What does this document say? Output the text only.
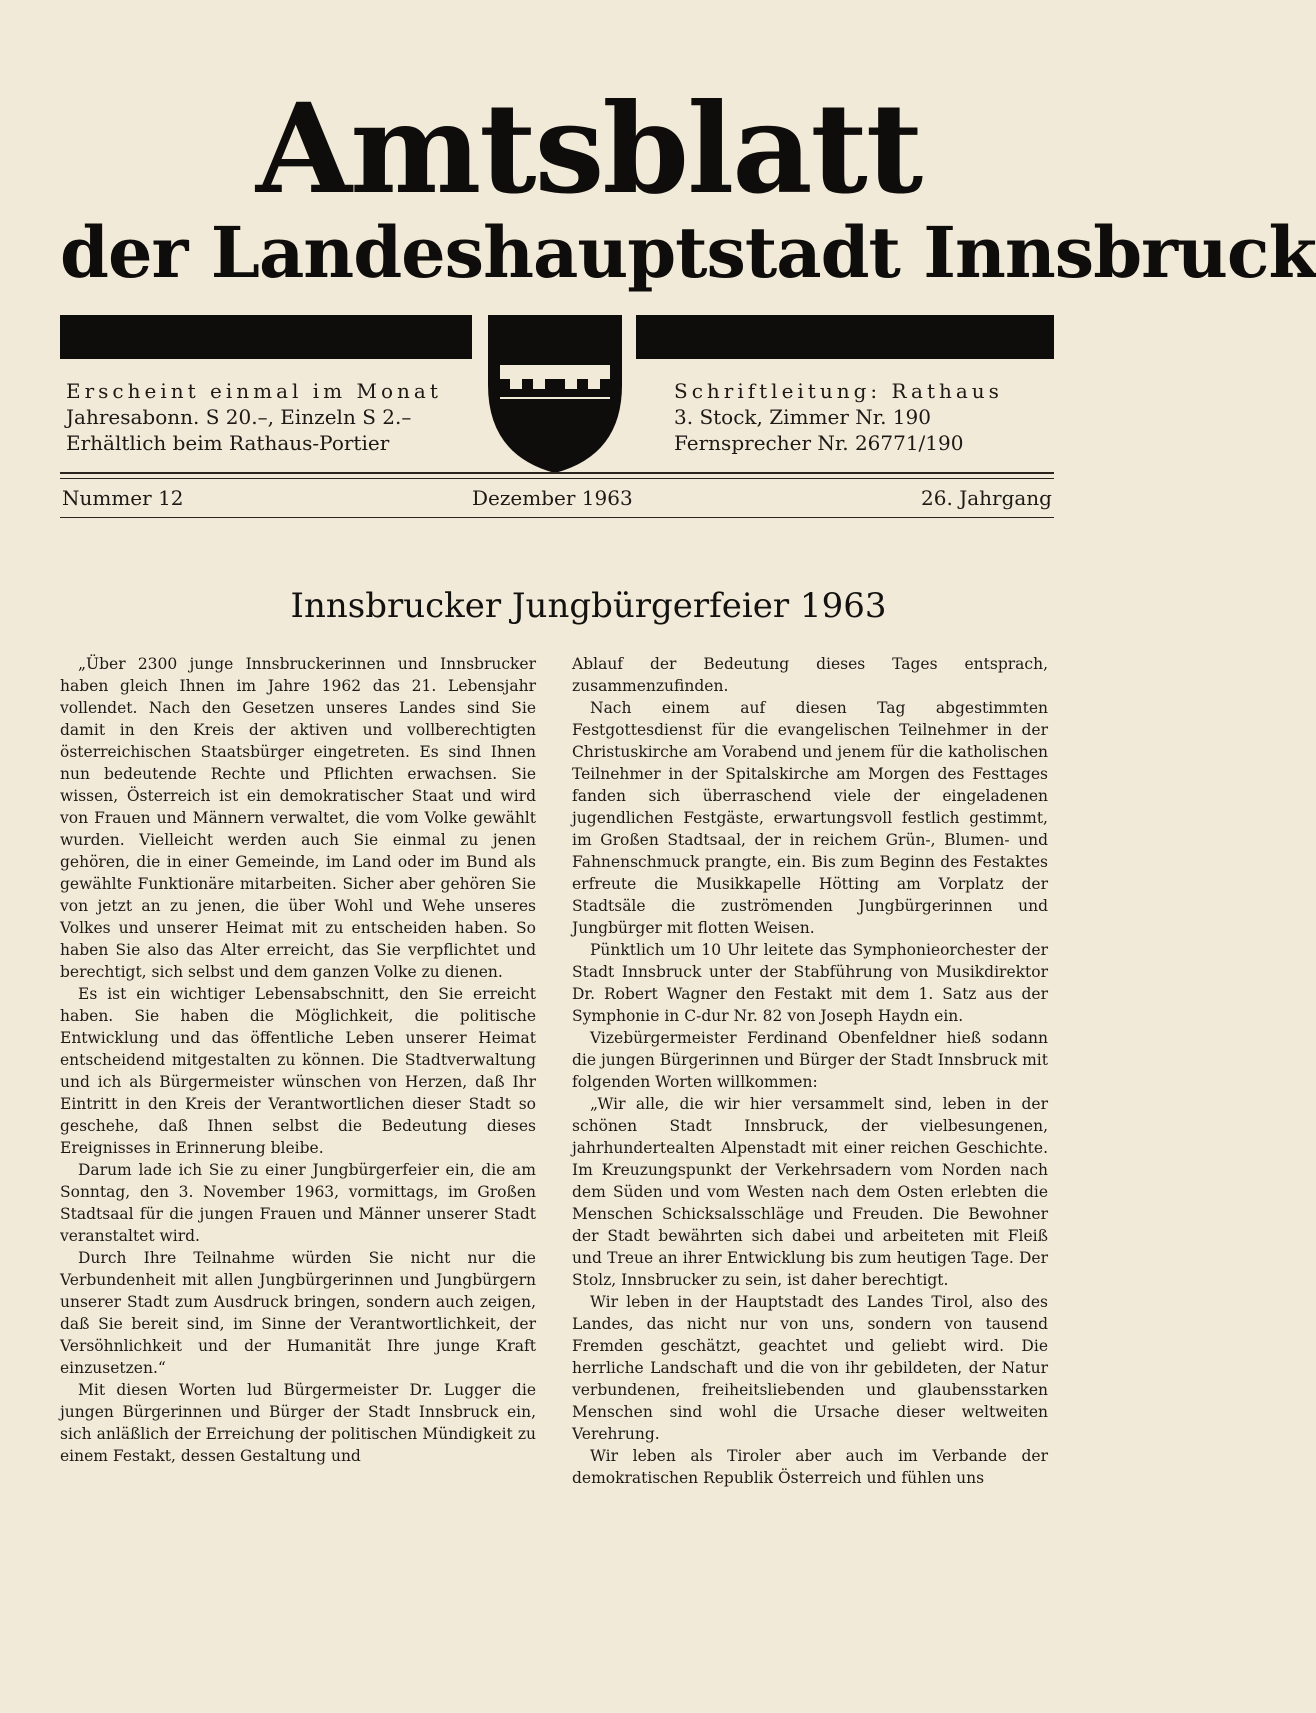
Amtsblatt
der Landeshauptstadt Innsbruck
Erscheint einmal im Monat
Jahresabonn. S 20.–, Einzeln S 2.–
Erhältlich beim Rathaus-Portier
Schriftleitung: Rathaus
3. Stock, Zimmer Nr. 190
Fernsprecher Nr. 26771/190
Nummer 12	Dezember 1963	26. Jahrgang
Innsbrucker Jungbürgerfeier 1963

„Über 2300 junge Innsbruckerinnen und Innsbrucker haben gleich Ihnen im Jahre 1962 das 21. Lebensjahr vollendet. Nach den Gesetzen unseres Landes sind Sie damit in den Kreis der aktiven und vollberechtigten österreichischen Staatsbürger eingetreten. Es sind Ihnen nun bedeutende Rechte und Pflichten erwachsen. Sie wissen, Österreich ist ein demokratischer Staat und wird von Frauen und Männern verwaltet, die vom Volke gewählt wurden. Vielleicht werden auch Sie einmal zu jenen gehören, die in einer Gemeinde, im Land oder im Bund als gewählte Funktionäre mitarbeiten. Sicher aber gehören Sie von jetzt an zu jenen, die über Wohl und Wehe unseres Volkes und unserer Heimat mit zu entscheiden haben. So haben Sie also das Alter erreicht, das Sie verpflichtet und berechtigt, sich selbst und dem ganzen Volke zu dienen.

Es ist ein wichtiger Lebensabschnitt, den Sie erreicht haben. Sie haben die Möglichkeit, die politische Entwicklung und das öffentliche Leben unserer Heimat entscheidend mitgestalten zu können. Die Stadtverwaltung und ich als Bürgermeister wünschen von Herzen, daß Ihr Eintritt in den Kreis der Verantwortlichen dieser Stadt so geschehe, daß Ihnen selbst die Bedeutung dieses Ereignisses in Erinnerung bleibe.

Darum lade ich Sie zu einer Jungbürgerfeier ein, die am Sonntag, den 3. November 1963, vormittags, im Großen Stadtsaal für die jungen Frauen und Männer unserer Stadt veranstaltet wird.

Durch Ihre Teilnahme würden Sie nicht nur die Verbundenheit mit allen Jungbürgerinnen und Jungbürgern unserer Stadt zum Ausdruck bringen, sondern auch zeigen, daß Sie bereit sind, im Sinne der Verantwortlichkeit, der Versöhnlichkeit und der Humanität Ihre junge Kraft einzusetzen.“

Mit diesen Worten lud Bürgermeister Dr. Lugger die jungen Bürgerinnen und Bürger der Stadt Innsbruck ein, sich anläßlich der Erreichung der politischen Mündigkeit zu einem Festakt, dessen Gestaltung und

Ablauf der Bedeutung dieses Tages entsprach, zusammenzufinden.

Nach einem auf diesen Tag abgestimmten Festgottesdienst für die evangelischen Teilnehmer in der Christuskirche am Vorabend und jenem für die katholischen Teilnehmer in der Spitalskirche am Morgen des Festtages fanden sich überraschend viele der eingeladenen jugendlichen Festgäste, erwartungsvoll festlich gestimmt, im Großen Stadtsaal, der in reichem Grün-, Blumen- und Fahnenschmuck prangte, ein. Bis zum Beginn des Festaktes erfreute die Musikkapelle Hötting am Vorplatz der Stadtsäle die zuströmenden Jungbürgerinnen und Jungbürger mit flotten Weisen.

Pünktlich um 10 Uhr leitete das Symphonieorchester der Stadt Innsbruck unter der Stabführung von Musikdirektor Dr. Robert Wagner den Festakt mit dem 1. Satz aus der Symphonie in C-dur Nr. 82 von Joseph Haydn ein.

Vizebürgermeister Ferdinand Obenfeldner hieß sodann die jungen Bürgerinnen und Bürger der Stadt Innsbruck mit folgenden Worten willkommen:

„Wir alle, die wir hier versammelt sind, leben in der schönen Stadt Innsbruck, der vielbesungenen, jahrhundertealten Alpenstadt mit einer reichen Geschichte. Im Kreuzungspunkt der Verkehrsadern vom Norden nach dem Süden und vom Westen nach dem Osten erlebten die Menschen Schicksalsschläge und Freuden. Die Bewohner der Stadt bewährten sich dabei und arbeiteten mit Fleiß und Treue an ihrer Entwicklung bis zum heutigen Tage. Der Stolz, Innsbrucker zu sein, ist daher berechtigt.

Wir leben in der Hauptstadt des Landes Tirol, also des Landes, das nicht nur von uns, sondern von tausend Fremden geschätzt, geachtet und geliebt wird. Die herrliche Landschaft und die von ihr gebildeten, der Natur verbundenen, freiheitsliebenden und glaubensstarken Menschen sind wohl die Ursache dieser weltweiten Verehrung.

Wir leben als Tiroler aber auch im Verbande der demokratischen Republik Österreich und fühlen uns
